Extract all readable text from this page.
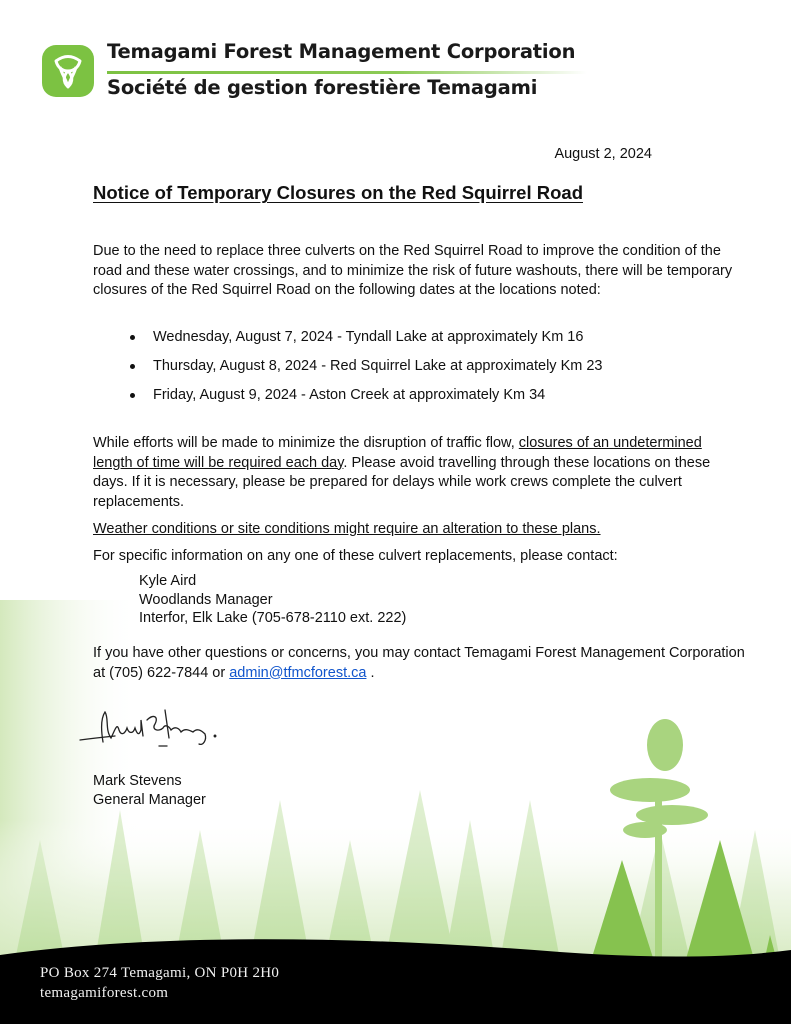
Temagami Forest Management Corporation
Société de gestion forestière Temagami
August 2, 2024
Notice of Temporary Closures on the Red Squirrel Road
Due to the need to replace three culverts on the Red Squirrel Road to improve the condition of the road and these water crossings, and to minimize the risk of future washouts, there will be temporary closures of the Red Squirrel Road on the following dates at the locations noted:
Wednesday, August 7, 2024 - Tyndall Lake at approximately Km 16
Thursday, August 8, 2024 - Red Squirrel Lake at approximately Km 23
Friday, August 9, 2024 - Aston Creek at approximately Km 34
While efforts will be made to minimize the disruption of traffic flow, closures of an undetermined length of time will be required each day. Please avoid travelling through these locations on these days. If it is necessary, please be prepared for delays while work crews complete the culvert replacements.
Weather conditions or site conditions might require an alteration to these plans.
For specific information on any one of these culvert replacements, please contact:
Kyle Aird
Woodlands Manager
Interfor, Elk Lake (705-678-2110 ext. 222)
If you have other questions or concerns, you may contact Temagami Forest Management Corporation at (705) 622-7844 or admin@tfmcforest.ca .
Mark Stevens
General Manager
PO Box 274 Temagami, ON P0H 2H0
temagamiforest.com
